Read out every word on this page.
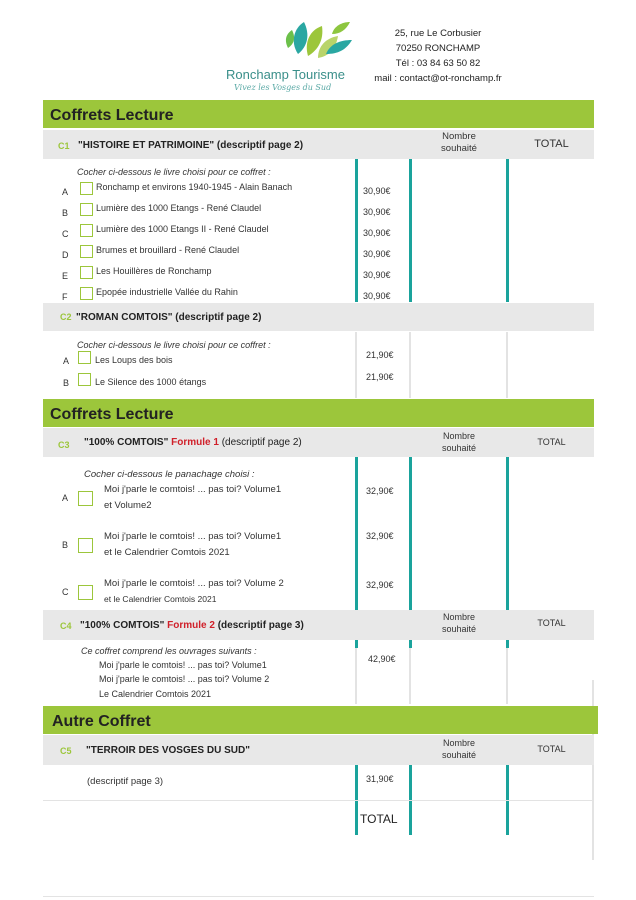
Ronchamp Tourisme
Vivez les Vosges du Sud
25, rue Le Corbusier
70250 RONCHAMP
Tél : 03 84 63 50 82
mail : contact@ot-ronchamp.fr
Coffrets Lecture
C1 "HISTOIRE ET PATRIMOINE" (descriptif page 2)
Nombre
souhaité	TOTAL
Cocher ci-dessous le livre choisi pour ce coffret :
A	Ronchamp et environs 1940-1945 - Alain Banach	30,90€
B	Lumière des 1000 Etangs - René Claudel	30,90€
C	Lumière des 1000 Etangs II - René Claudel	30,90€
D	Brumes et brouillard - René Claudel	30,90€
E	Les Houillères de Ronchamp	30,90€
F	Epopée industrielle Vallée du Rahin	30,90€
C2 "ROMAN COMTOIS" (descriptif page 2)
Cocher ci-dessous le livre choisi pour ce coffret :
A	Les Loups des bois	21,90€
B	Le Silence des 1000 étangs	21,90€
Coffrets Lecture
C3 "100% COMTOIS" Formule 1 (descriptif page 2)
Nombre
souhaité
TOTAL
Cocher ci-dessous le panachage choisi :
A
Moi j'parle le comtois! ... pas toi? Volume1
et Volume2
32,90€
B
Moi j'parle le comtois! ... pas toi? Volume1
et le Calendrier Comtois 2021
32,90€
C
Moi j'parle le comtois! ... pas toi? Volume 2
et le Calendrier Comtois 2021
32,90€
C4 "100% COMTOIS" Formule 2 (descriptif page 3)
Nombre
souhaité
TOTAL
Ce coffret comprend les ouvrages suivants :
Moi j'parle le comtois! ... pas toi? Volume1
Moi j'parle le comtois! ... pas toi? Volume 2
Le Calendrier Comtois 2021
42,90€
Autre Coffret
C5 "TERROIR DES VOSGES DU SUD"
Nombre
souhaité
TOTAL
(descriptif page 3)	31,90€
TOTAL
